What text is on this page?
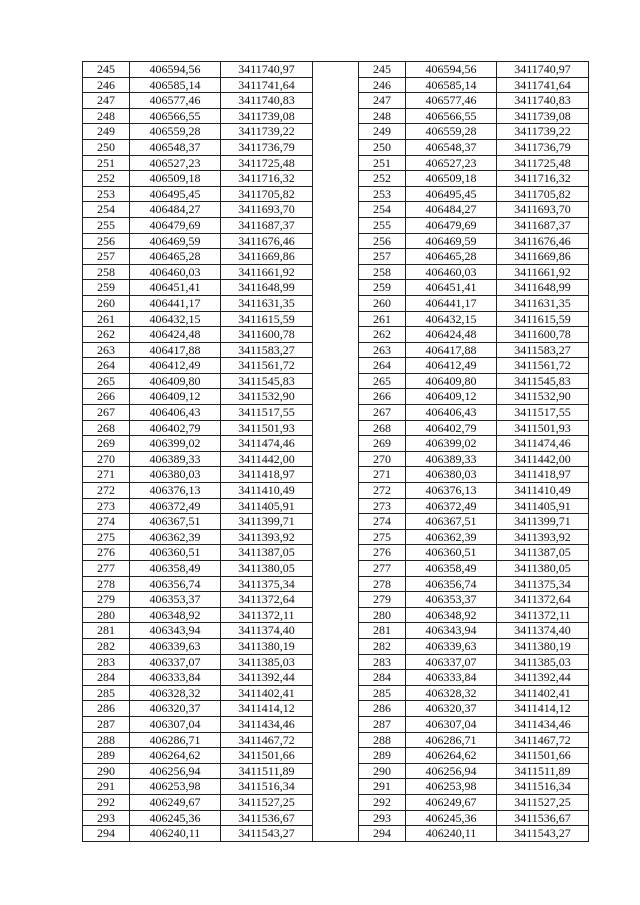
245	406594,56	3411740,97
246	406585,14	3411741,64
247	406577,46	3411740,83
248	406566,55	3411739,08
249	406559,28	3411739,22
250	406548,37	3411736,79
251	406527,23	3411725,48
252	406509,18	3411716,32
253	406495,45	3411705,82
254	406484,27	3411693,70
255	406479,69	3411687,37
256	406469,59	3411676,46
257	406465,28	3411669,86
258	406460,03	3411661,92
259	406451,41	3411648,99
260	406441,17	3411631,35
261	406432,15	3411615,59
262	406424,48	3411600,78
263	406417,88	3411583,27
264	406412,49	3411561,72
265	406409,80	3411545,83
266	406409,12	3411532,90
267	406406,43	3411517,55
268	406402,79	3411501,93
269	406399,02	3411474,46
270	406389,33	3411442,00
271	406380,03	3411418,97
272	406376,13	3411410,49
273	406372,49	3411405,91
274	406367,51	3411399,71
275	406362,39	3411393,92
276	406360,51	3411387,05
277	406358,49	3411380,05
278	406356,74	3411375,34
279	406353,37	3411372,64
280	406348,92	3411372,11
281	406343,94	3411374,40
282	406339,63	3411380,19
283	406337,07	3411385,03
284	406333,84	3411392,44
285	406328,32	3411402,41
286	406320,37	3411414,12
287	406307,04	3411434,46
288	406286,71	3411467,72
289	406264,62	3411501,66
290	406256,94	3411511,89
291	406253,98	3411516,34
292	406249,67	3411527,25
293	406245,36	3411536,67
294	406240,11	3411543,27
245	406594,56	3411740,97
246	406585,14	3411741,64
247	406577,46	3411740,83
248	406566,55	3411739,08
249	406559,28	3411739,22
250	406548,37	3411736,79
251	406527,23	3411725,48
252	406509,18	3411716,32
253	406495,45	3411705,82
254	406484,27	3411693,70
255	406479,69	3411687,37
256	406469,59	3411676,46
257	406465,28	3411669,86
258	406460,03	3411661,92
259	406451,41	3411648,99
260	406441,17	3411631,35
261	406432,15	3411615,59
262	406424,48	3411600,78
263	406417,88	3411583,27
264	406412,49	3411561,72
265	406409,80	3411545,83
266	406409,12	3411532,90
267	406406,43	3411517,55
268	406402,79	3411501,93
269	406399,02	3411474,46
270	406389,33	3411442,00
271	406380,03	3411418,97
272	406376,13	3411410,49
273	406372,49	3411405,91
274	406367,51	3411399,71
275	406362,39	3411393,92
276	406360,51	3411387,05
277	406358,49	3411380,05
278	406356,74	3411375,34
279	406353,37	3411372,64
280	406348,92	3411372,11
281	406343,94	3411374,40
282	406339,63	3411380,19
283	406337,07	3411385,03
284	406333,84	3411392,44
285	406328,32	3411402,41
286	406320,37	3411414,12
287	406307,04	3411434,46
288	406286,71	3411467,72
289	406264,62	3411501,66
290	406256,94	3411511,89
291	406253,98	3411516,34
292	406249,67	3411527,25
293	406245,36	3411536,67
294	406240,11	3411543,27
